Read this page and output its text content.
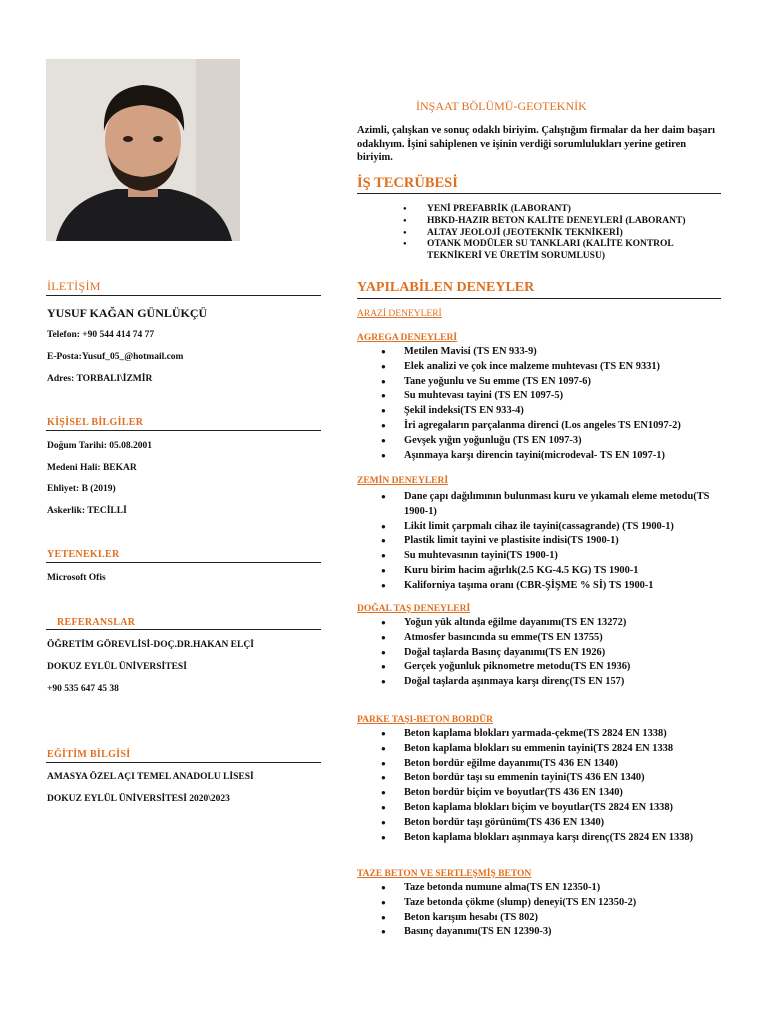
İLETİŞİM
YUSUF KAĞAN GÜNLÜKÇÜ
Telefon: +90 544 414 74 77
E-Posta:Yusuf_05_@hotmail.com
Adres: TORBALI\İZMİR
KİŞİSEL BİLGİLER
Doğum Tarihi: 05.08.2001
Medeni Hali: BEKAR
Ehliyet: B (2019)
Askerlik: TECİLLİ
YETENEKLER
Microsoft Ofis
REFERANSLAR
ÖĞRETİM GÖREVLİSİ-DOÇ.DR.HAKAN ELÇİ
DOKUZ EYLÜL ÜNİVERSİTESİ
+90 535 647 45 38
EĞİTİM BİLGİSİ
AMASYA ÖZEL AÇI TEMEL ANADOLU LİSESİ
DOKUZ EYLÜL ÜNİVERSİTESİ 2020\2023
İNŞAAT BÖLÜMÜ-GEOTEKNİK
Azimli, çalışkan ve sonuç odaklı biriyim. Çalıştığım firmalar da her daim başarı odaklıyım. İşini sahiplenen ve işinin verdiği sorumlulukları yerine getiren biriyim.
İŞ TECRÜBESİ
● YENİ PREFABRİK (LABORANT)
● HBKD-HAZIR BETON KALİTE DENEYLERİ (LABORANT)
● ALTAY JEOLOJİ (JEOTEKNİK TEKNİKERİ)
● OTANK MODÜLER SU TANKLARI (KALİTE KONTROL TEKNİKERİ VE ÜRETİM SORUMLUSU)
YAPILABİLEN DENEYLER
ARAZİ DENEYLERİ
AGREGA DENEYLERİ
● Metilen Mavisi (TS EN 933-9)
● Elek analizi ve çok ince malzeme muhtevası (TS EN 9331)
● Tane yoğunlu ve Su emme (TS EN 1097-6)
● Su muhtevası tayini (TS EN 1097-5)
● Şekil indeksi(TS EN 933-4)
● İri agregaların parçalanma direnci (Los angeles TS EN1097-2)
● Gevşek yığın yoğunluğu (TS EN 1097-3)
● Aşınmaya karşı direncin tayini(microdeval- TS EN 1097-1)
ZEMİN DENEYLERİ
● Dane çapı dağılımının bulunması kuru ve yıkamalı eleme metodu(TS 1900-1)
● Likit limit çarpmalı cihaz ile tayini(cassagrande) (TS 1900-1)
● Plastik limit tayini ve plastisite indisi(TS 1900-1)
● Su muhtevasının tayini(TS 1900-1)
● Kuru birim hacim ağırlık(2.5 KG-4.5 KG) TS 1900-1
● Kaliforniya taşıma oranı (CBR-ŞİŞME % Sİ) TS 1900-1
DOĞAL TAŞ DENEYLERİ
● Yoğun yük altında eğilme dayanımı(TS EN 13272)
● Atmosfer basıncında su emme(TS EN 13755)
● Doğal taşlarda Basınç dayanımı(TS EN 1926)
● Gerçek yoğunluk piknometre metodu(TS EN 1936)
● Doğal taşlarda aşınmaya karşı direnç(TS EN 157)
PARKE TAŞI-BETON BORDÜR
● Beton kaplama blokları yarmada-çekme(TS 2824 EN 1338)
● Beton kaplama blokları su emmenin tayini(TS 2824 EN 1338
● Beton bordür eğilme dayanımı(TS 436 EN 1340)
● Beton bordür taşı su emmenin tayini(TS 436 EN 1340)
● Beton bordür biçim ve boyutlar(TS 436 EN 1340)
● Beton kaplama blokları biçim ve boyutlar(TS 2824 EN 1338)
● Beton bordür taşı görünüm(TS 436 EN 1340)
● Beton kaplama blokları aşınmaya karşı direnç(TS 2824 EN 1338)
TAZE BETON VE SERTLEŞMİŞ BETON
● Taze betonda numune alma(TS EN 12350-1)
● Taze betonda çökme (slump) deneyi(TS EN 12350-2)
● Beton karışım hesabı (TS 802)
● Basınç dayanımı(TS EN 12390-3)
